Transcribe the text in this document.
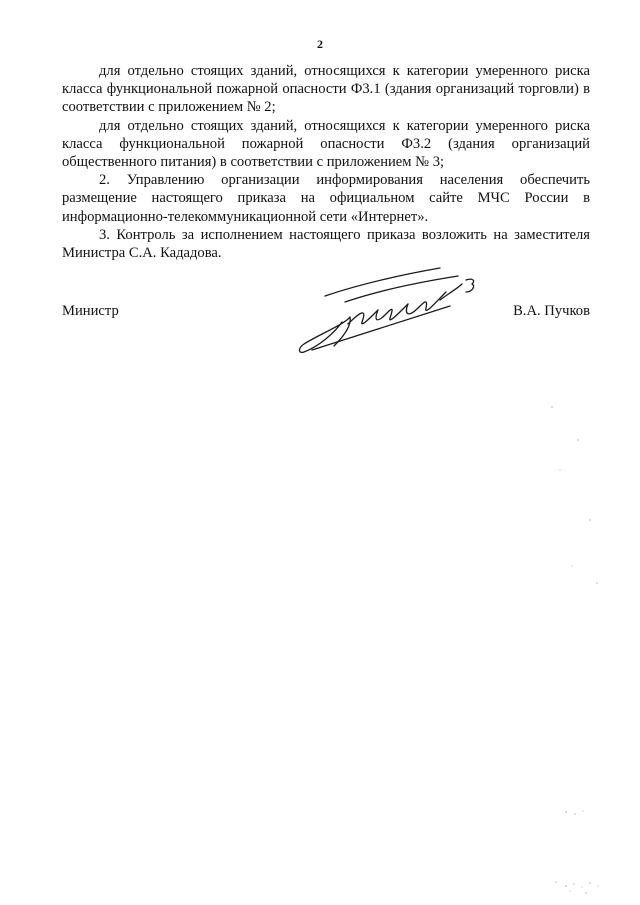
2

для отдельно стоящих зданий, относящихся к категории умеренного риска класса функциональной пожарной опасности Ф3.1 (здания организаций торговли) в соответствии с приложением № 2;

для отдельно стоящих зданий, относящихся к категории умеренного риска класса функциональной пожарной опасности Ф3.2 (здания организаций общественного питания) в соответствии с приложением № 3;

2. Управлению организации информирования населения обеспечить размещение настоящего приказа на официальном сайте МЧС России в информационно-телекоммуникационной сети «Интернет».

3. Контроль за исполнением настоящего приказа возложить на заместителя Министра С.А. Кададова.

Министр	В.А. Пучков
